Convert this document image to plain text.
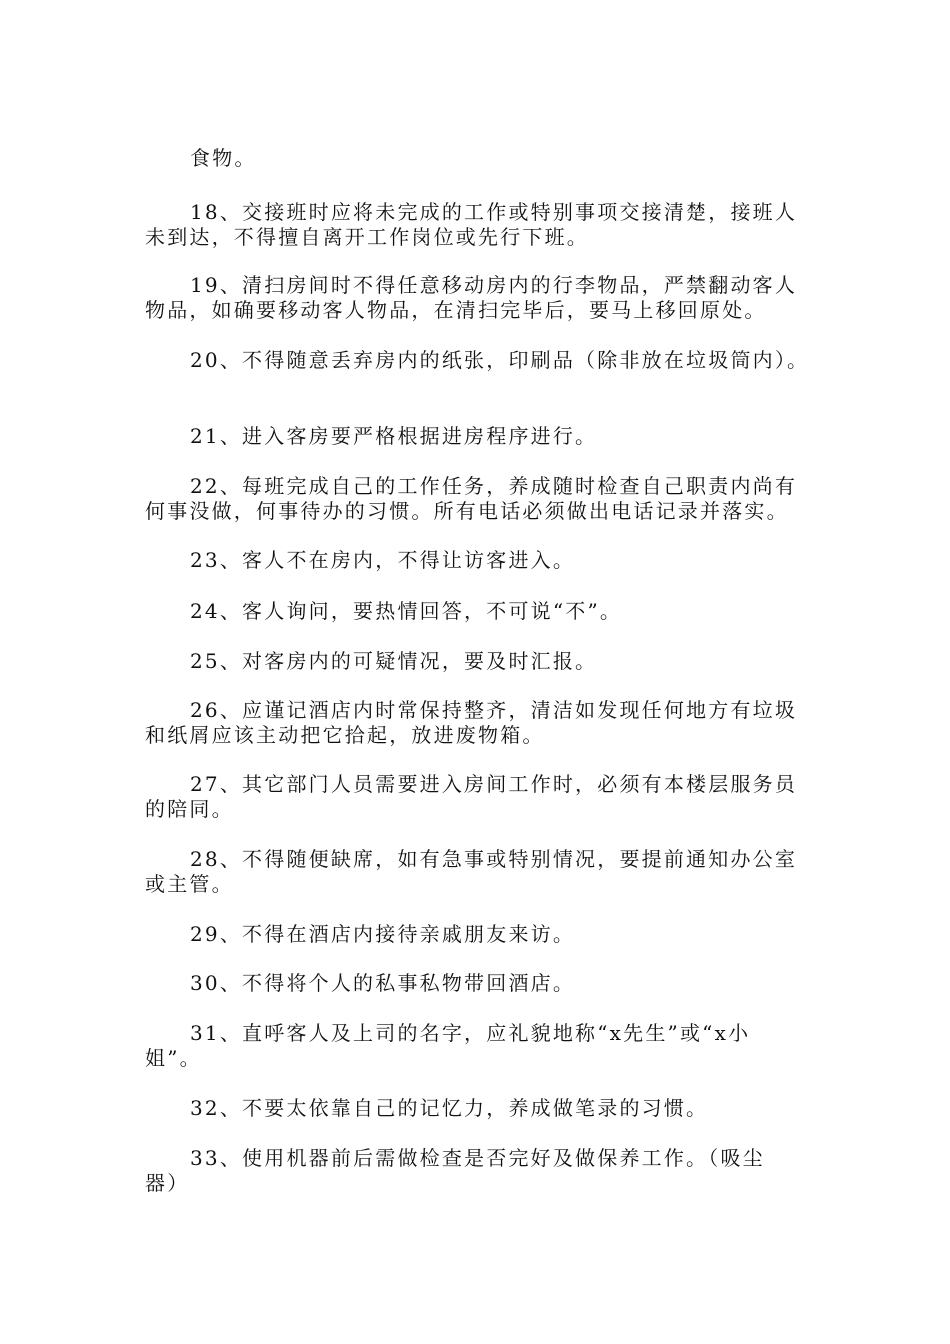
食物。
18、交接班时应将未完成的工作或特别事项交接清楚，接班人
未到达，不得擅自离开工作岗位或先行下班。
19、清扫房间时不得任意移动房内的行李物品，严禁翻动客人
物品，如确要移动客人物品，在清扫完毕后，要马上移回原处。
20、不得随意丢弃房内的纸张，印刷品（除非放在垃圾筒内）。
21、进入客房要严格根据进房程序进行。
22、每班完成自己的工作任务，养成随时检查自己职责内尚有
何事没做，何事待办的习惯。所有电话必须做出电话记录并落实。
23、客人不在房内，不得让访客进入。
24、客人询问，要热情回答，不可说“不”。
25、对客房内的可疑情况，要及时汇报。
26、应谨记酒店内时常保持整齐，清洁如发现任何地方有垃圾
和纸屑应该主动把它拾起，放进废物箱。
27、其它部门人员需要进入房间工作时，必须有本楼层服务员
的陪同。
28、不得随便缺席，如有急事或特别情况，要提前通知办公室
或主管。
29、不得在酒店内接待亲戚朋友来访。
30、不得将个人的私事私物带回酒店。
31、直呼客人及上司的名字，应礼貌地称“x先生”或“x小
姐”。
32、不要太依靠自己的记忆力，养成做笔录的习惯。
33、使用机器前后需做检查是否完好及做保养工作。（吸尘
器）
